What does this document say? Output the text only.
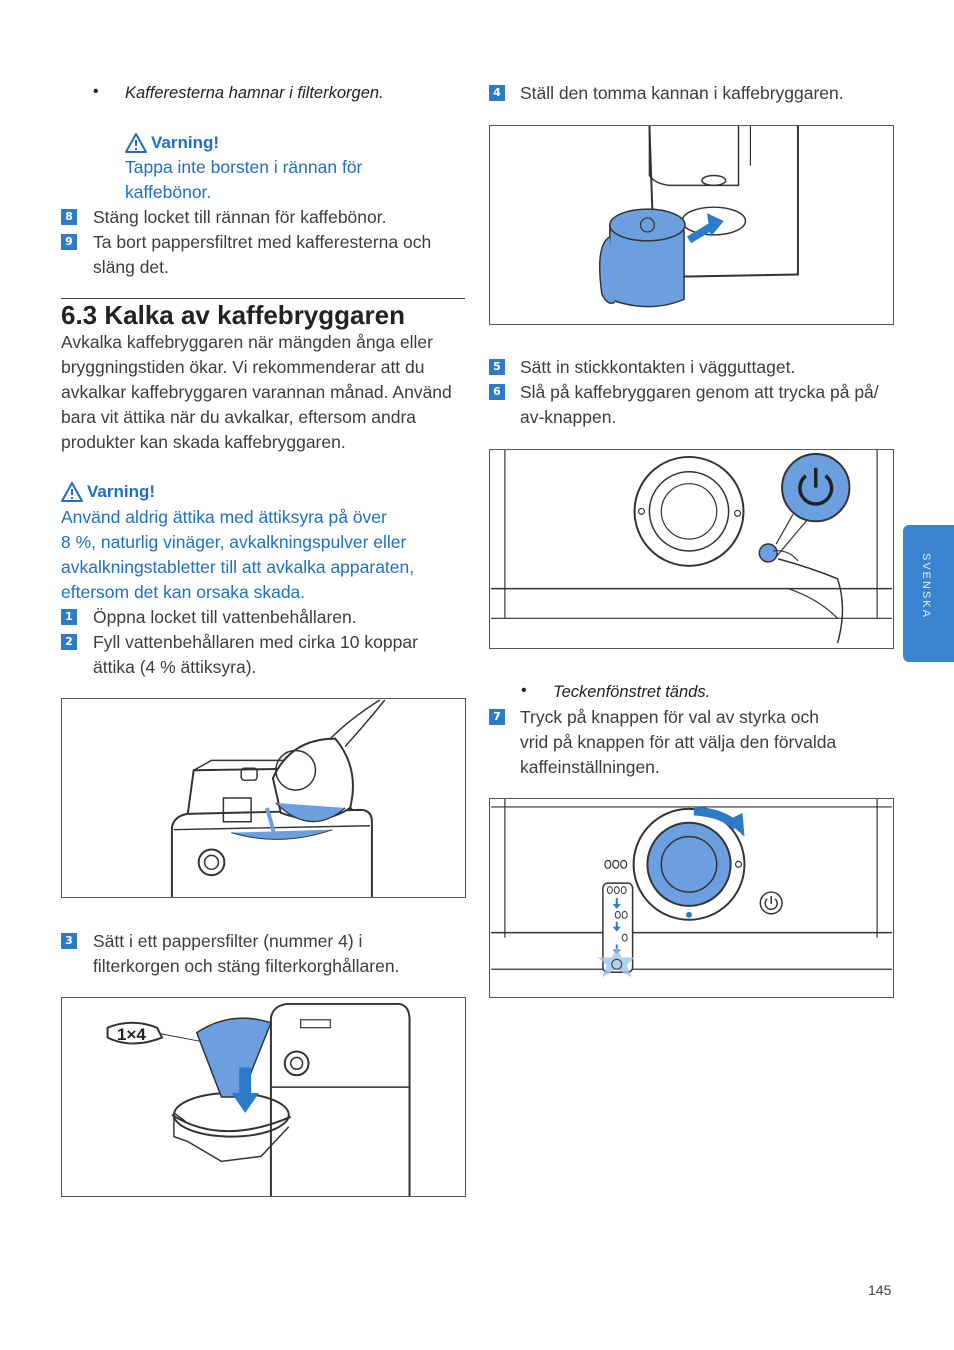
• Kafferesterna hamnar i filterkorgen.
Varning!
Tappa inte borsten i rännan för
kaffebönor.
8 Stäng locket till rännan för kaffebönor.
9 Ta bort pappersfiltret med kafferesterna och
släng det.
6.3 Kalka av kaffebryggaren
Avkalka kaffebryggaren när mängden ånga eller
bryggningstiden ökar. Vi rekommenderar att du
avkalkar kaffebryggaren varannan månad. Använd
bara vit ättika när du avkalkar, eftersom andra
produkter kan skada kaffebryggaren.
Varning!
Använd aldrig ättika med ättiksyra på över
8 %, naturlig vinäger, avkalkningspulver eller
avkalkningstabletter till att avkalka apparaten,
eftersom det kan orsaka skada.
1 Öppna locket till vattenbehållaren.
2 Fyll vattenbehållaren med cirka 10 koppar
ättika (4 % ättiksyra).
3 Sätt i ett pappersfilter (nummer 4) i
filterkorgen och stäng filterkorghållaren.
1×4
4 Ställ den tomma kannan i kaffebryggaren.
5 Sätt in stickkontakten i vägguttaget.
6 Slå på kaffebryggaren genom att trycka på på/
av-knappen.
• Teckenfönstret tänds.
7 Tryck på knappen för val av styrka och
vrid på knappen för att välja den förvalda
kaffeinställningen.
SVENSKA
145
